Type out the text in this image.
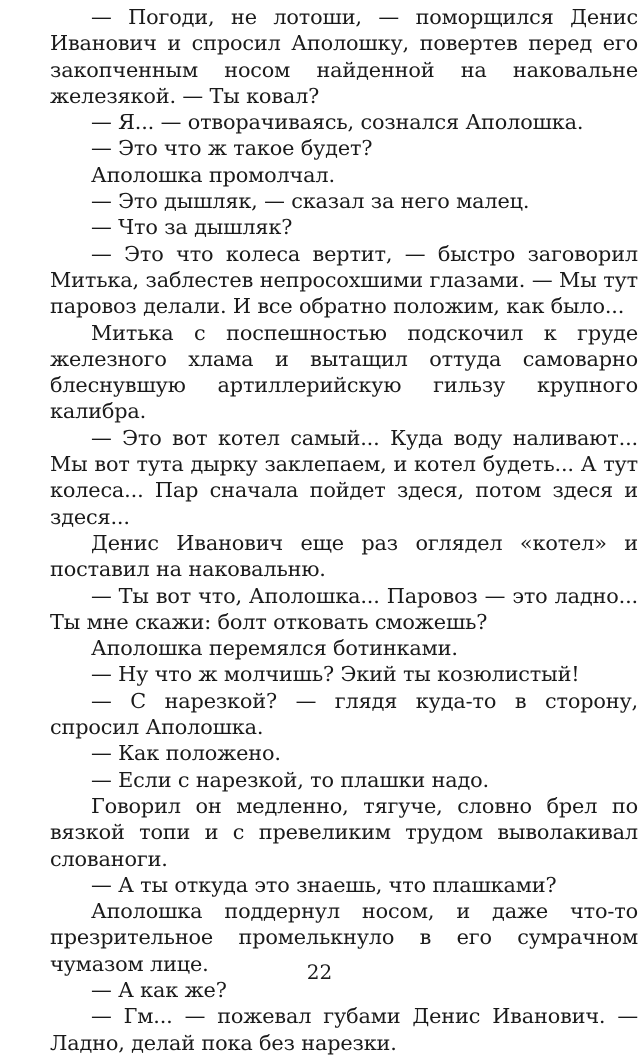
— Погоди, не лотоши, — поморщился Денис Иванович и спросил Аполошку, повертев перед его закопченным носом найденной на наковальне железякой. — Ты ковал?

— Я... — отворачиваясь, сознался Аполошка.

— Это что ж такое будет?

Аполошка промолчал.

— Это дышляк, — сказал за него малец.

— Что за дышляк?

— Это что колеса вертит, — быстро заговорил Митька, заблестев непросохшими глазами. — Мы тут паровоз делали. И все обратно положим, как было...

Митька с поспешностью подскочил к груде железного хлама и вытащил оттуда самоварно блеснувшую артиллерийскую гильзу крупного калибра.

— Это вот котел самый... Куда воду наливают... Мы вот тута дырку заклепаем, и котел будеть... А тут колеса... Пар сначала пойдет здеся, потом здеся и здеся...

Денис Иванович еще раз оглядел «котел» и поставил на наковальню.

— Ты вот что, Аполошка... Паровоз — это ладно... Ты мне скажи: болт отковать сможешь?

Аполошка перемялся ботинками.

— Ну что ж молчишь? Экий ты козюлистый!

— С нарезкой? — глядя куда-то в сторону, спросил Аполошка.

— Как положено.

— Если с нарезкой, то плашки надо.

Говорил он медленно, тягуче, словно брел по вязкой топи и с превеликим трудом выволакивал слованоги.

— А ты откуда это знаешь, что плашками?

Аполошка поддернул носом, и даже что-то презрительное промелькнуло в его сумрачном чумазом лице.

— А как же?

— Гм... — пожевал губами Денис Иванович. — Ладно, делай пока без нарезки.

22
